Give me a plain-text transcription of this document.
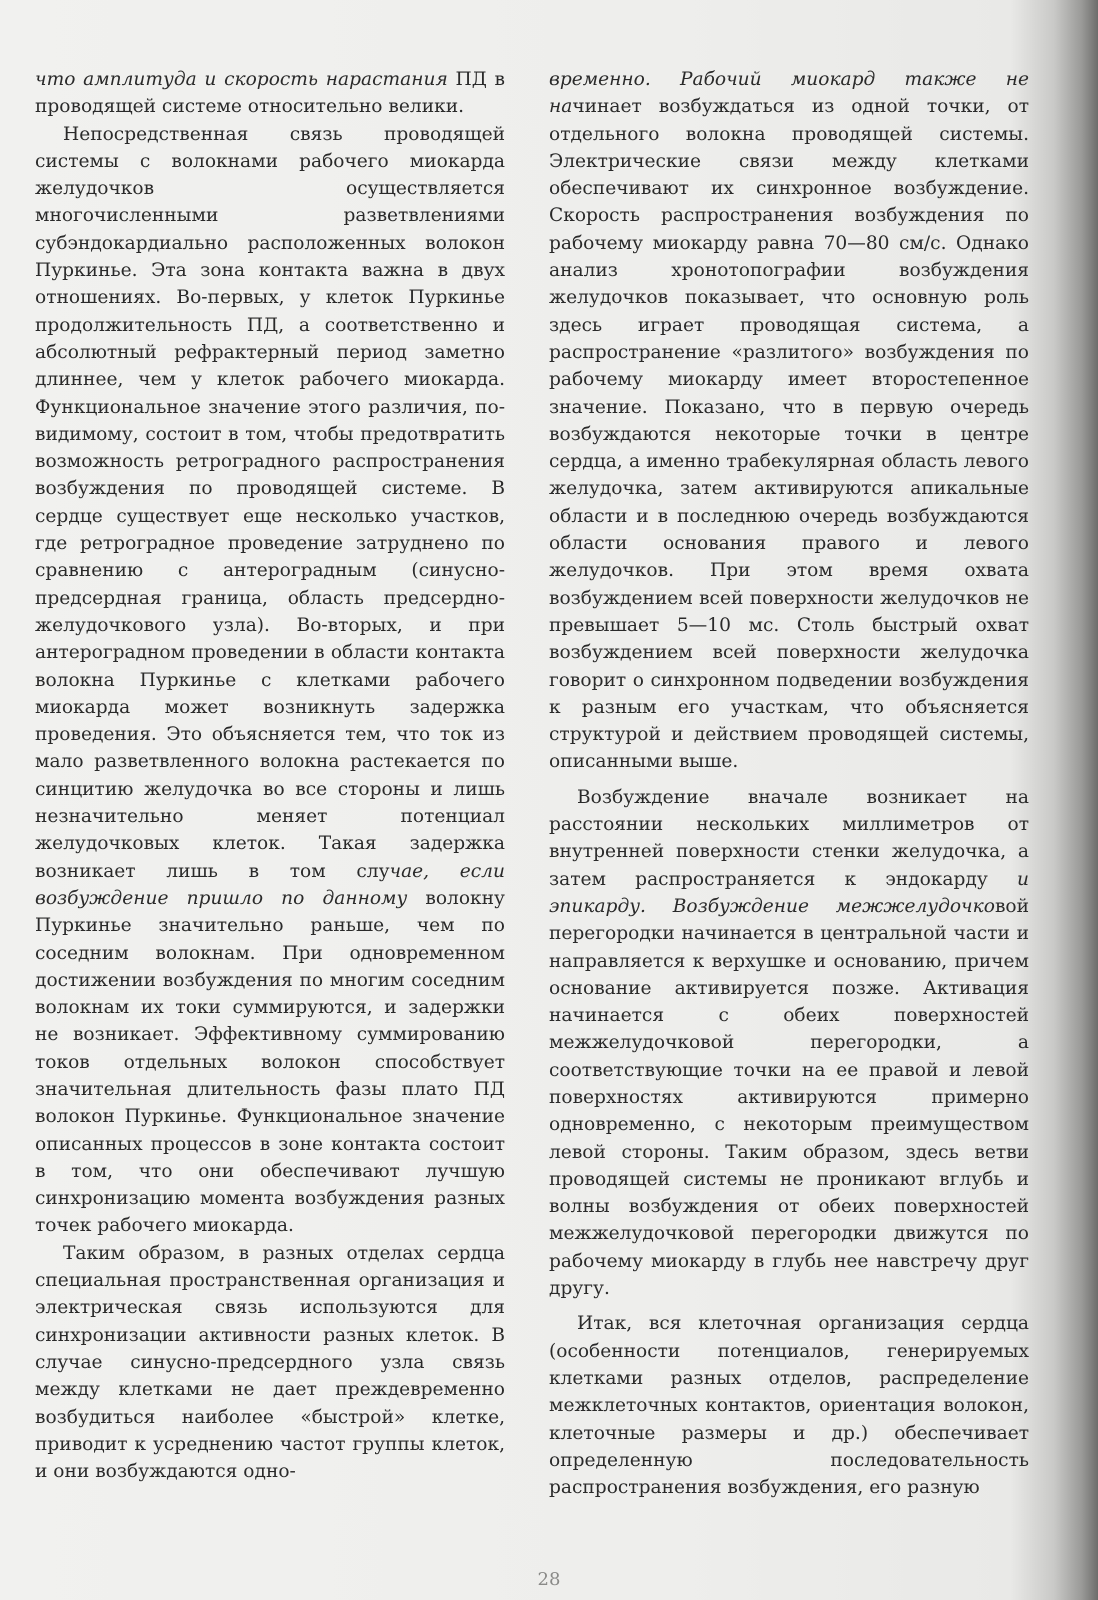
что амплитуда и скорость нарастания ПД в проводящей системе относительно велики.

Непосредственная связь проводящей системы с волокнами рабочего миокарда желудочков осуществляется многочисленными разветвлениями субэндокардиально расположенных волокон Пуркинье. Эта зона контакта важна в двух отношениях. Во-первых, у клеток Пуркинье продолжительность ПД, а соответственно и абсолютный рефрактерный период заметно длиннее, чем у клеток рабочего миокарда. Функциональное значение этого различия, по-видимому, состоит в том, чтобы предотвратить возможность ретроградного распространения возбуждения по проводящей системе. В сердце существует еще несколько участков, где ретроградное проведение затруднено по сравнению с антероградным (синусно-предсердная граница, область предсердно-желудочкового узла). Во-вторых, и при антероградном проведении в области контакта волокна Пуркинье с клетками рабочего миокарда может возникнуть задержка проведения. Это объясняется тем, что ток из мало разветвленного волокна растекается по синцитию желудочка во все стороны и лишь незначительно меняет потенциал желудочковых клеток. Такая задержка возникает лишь в том случае, если возбуждение пришло по данному волокну Пуркинье значительно раньше, чем по соседним волокнам. При одновременном достижении возбуждения по многим соседним волокнам их токи суммируются, и задержки не возникает. Эффективному суммированию токов отдельных волокон способствует значительная длительность фазы плато ПД волокон Пуркинье. Функциональное значение описанных процессов в зоне контакта состоит в том, что они обеспечивают лучшую синхронизацию момента возбуждения разных точек рабочего миокарда.

Таким образом, в разных отделах сердца специальная пространственная организация и электрическая связь используются для синхронизации активности разных клеток. В случае синусно-предсердного узла связь между клетками не дает преждевременно возбудиться наиболее «быстрой» клетке, приводит к усреднению частот группы клеток, и они возбуждаются одно-

временно. Рабочий миокард также не начинает возбуждаться из одной точки, от отдельного волокна проводящей системы. Электрические связи между клетками обеспечивают их синхронное возбуждение. Скорость распространения возбуждения по рабочему миокарду равна 70—80 см/с. Однако анализ хронотопографии возбуждения желудочков показывает, что основную роль здесь играет проводящая система, а распространение «разлитого» возбуждения по рабочему миокарду имеет второстепенное значение. Показано, что в первую очередь возбуждаются некоторые точки в центре сердца, а именно трабекулярная область левого желудочка, затем активируются апикальные области и в последнюю очередь возбуждаются области основания правого и левого желудочков. При этом время охвата возбуждением всей поверхности желудочков не превышает 5—10 мс. Столь быстрый охват возбуждением всей поверхности желудочка говорит о синхронном подведении возбуждения к разным его участкам, что объясняется структурой и действием проводящей системы, описанными выше.

Возбуждение вначале возникает на расстоянии нескольких миллиметров от внутренней поверхности стенки желудочка, а затем распространяется к эндокарду и эпикарду. Возбуждение межжелудочковой перегородки начинается в центральной части и направляется к верхушке и основанию, причем основание активируется позже. Активация начинается с обеих поверхностей межжелудочковой перегородки, а соответствующие точки на ее правой и левой поверхностях активируются примерно одновременно, с некоторым преимуществом левой стороны. Таким образом, здесь ветви проводящей системы не проникают вглубь и волны возбуждения от обеих поверхностей межжелудочковой перегородки движутся по рабочему миокарду в глубь нее навстречу друг другу.

Итак, вся клеточная организация сердца (особенности потенциалов, генерируемых клетками разных отделов, распределение межклеточных контактов, ориентация волокон, клеточные размеры и др.) обеспечивает определенную последовательность распространения возбуждения, его разную

28
